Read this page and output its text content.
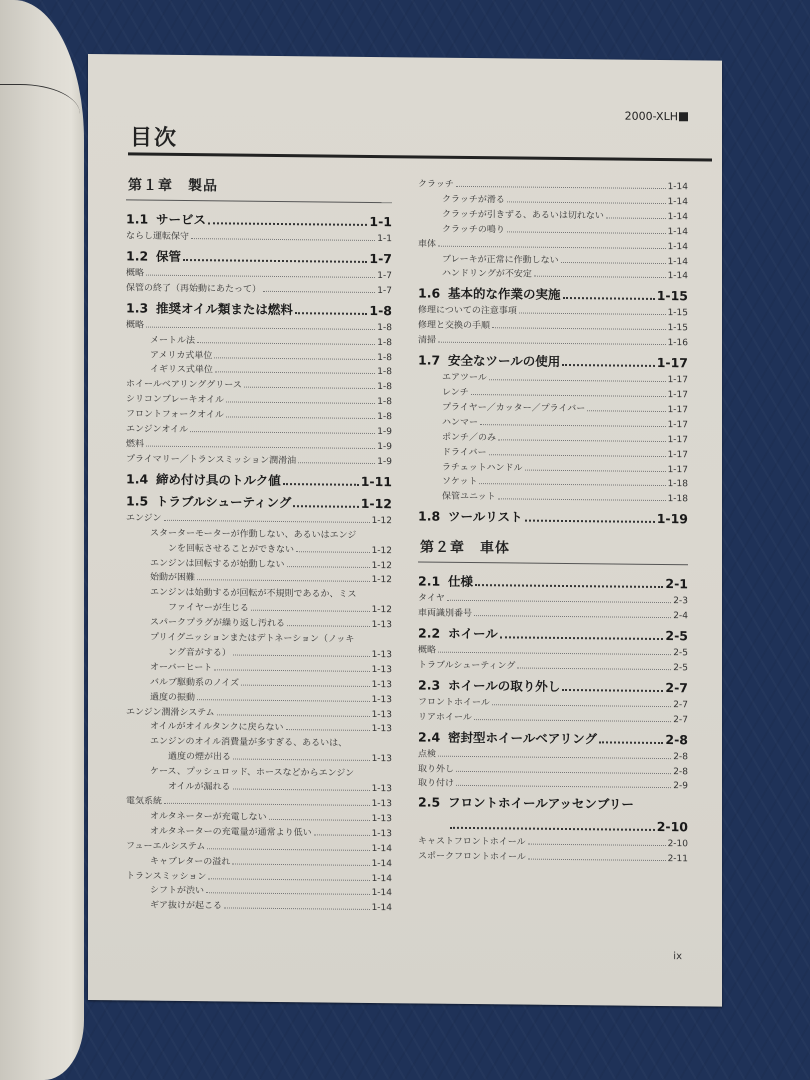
2000-XLH
目次
第１章　製品
1.1 サービス	1-1
ならし運転保守	1-1
1.2 保管	1-7
概略	1-7
保管の終了（再始動にあたって）	1-7
1.3 推奨オイル類または燃料	1-8
概略	1-8
メートル法	1-8
アメリカ式単位	1-8
イギリス式単位	1-8
ホイールベアリンググリース	1-8
シリコンブレーキオイル	1-8
フロントフォークオイル	1-8
エンジンオイル	1-9
燃料	1-9
プライマリー／トランスミッション潤滑油	1-9
1.4 締め付け具のトルク値	1-11
1.5 トラブルシューティング	1-12
エンジン	1-12
スターターモーターが作動しない、あるいはエンジ
ンを回転させることができない	1-12
エンジンは回転するが始動しない	1-12
始動が困難	1-12
エンジンは始動するが回転が不規則であるか、ミス
ファイヤーが生じる	1-12
スパークプラグが繰り返し汚れる	1-13
プリイグニッションまたはデトネーション（ノッキ
ング音がする）	1-13
オーバーヒート	1-13
バルブ駆動系のノイズ	1-13
過度の振動	1-13
エンジン潤滑システム	1-13
オイルがオイルタンクに戻らない	1-13
エンジンのオイル消費量が多すぎる、あるいは、
過度の煙が出る	1-13
ケース、プッシュロッド、ホースなどからエンジン
オイルが漏れる	1-13
電気系統	1-13
オルタネーターが充電しない	1-13
オルタネーターの充電量が通常より低い	1-13
フューエルシステム	1-14
キャブレターの溢れ	1-14
トランスミッション	1-14
シフトが渋い	1-14
ギア抜けが起こる	1-14
クラッチ	1-14
クラッチが滑る	1-14
クラッチが引きずる、あるいは切れない	1-14
クラッチの鳴り	1-14
車体	1-14
ブレーキが正常に作動しない	1-14
ハンドリングが不安定	1-14
1.6 基本的な作業の実施	1-15
修理についての注意事項	1-15
修理と交換の手順	1-15
清掃	1-16
1.7 安全なツールの使用	1-17
エアツール	1-17
レンチ	1-17
プライヤー／カッター／プライバー	1-17
ハンマー	1-17
ポンチ／のみ	1-17
ドライバー	1-17
ラチェットハンドル	1-17
ソケット	1-18
保管ユニット	1-18
1.8 ツールリスト	1-19
第２章　車体
2.1 仕様	2-1
タイヤ	2-3
車両識別番号	2-4
2.2 ホイール	2-5
概略	2-5
トラブルシューティング	2-5
2.3 ホイールの取り外し	2-7
フロントホイール	2-7
リアホイール	2-7
2.4 密封型ホイールベアリング	2-8
点検	2-8
取り外し	2-8
取り付け	2-9
2.5 フロントホイールアッセンブリー
2-10
キャストフロントホイール	2-10
スポークフロントホイール	2-11
ix
